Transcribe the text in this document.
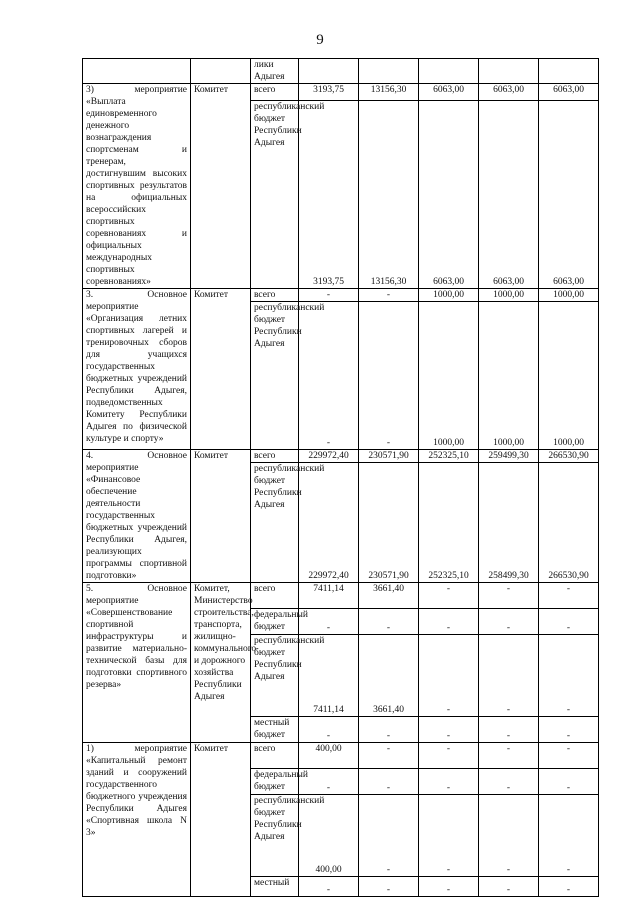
9
		лики Адыгея					
3) мероприятие «Выплата единовременного денежного вознаграждения спортсменам и тренерам, достигнувшим высоких спортивных результатов на официальных всероссийских спортивных соревнованиях и официальных международных спортивных соревнованиях»	Комитет	всего	3193,75	13156,30	6063,00	6063,00	6063,00
		республиканский бюджет Республики Адыгея	3193,75	13156,30	6063,00	6063,00	6063,00
3. Основное мероприятие «Организация летних спортивных лагерей и тренировочных сборов для учащихся государственных бюджетных учреждений Республики Адыгея, подведомственных Комитету Республики Адыгея по физической культуре и спорту»	Комитет	всего	-	-	1000,00	1000,00	1000,00
		республиканский бюджет Республики Адыгея	-	-	1000,00	1000,00	1000,00
4. Основное мероприятие «Финансовое обеспечение деятельности государственных бюджетных учреждений Республики Адыгея, реализующих программы спортивной подготовки»	Комитет	всего	229972,40	230571,90	252325,10	259499,30	266530,90
		республиканский бюджет Республики Адыгея	229972,40	230571,90	252325,10	258499,30	266530,90
5. Основное мероприятие «Совершенствование спортивной инфраструктуры и развитие материально-технической базы для подготовки спортивного резерва»	Комитет, Министерство строительства, транспорта, жилищно-коммунального и дорожного хозяйства Республики Адыгея	всего	7411,14	3661,40	-	-	-
		федеральный бюджет	-	-	-	-	-
		республиканский бюджет Республики Адыгея	7411,14	3661,40	-	-	-
		местный бюджет	-	-	-	-	-
1) мероприятие «Капитальный ремонт зданий и сооружений государственного бюджетного учреждения Республики Адыгея «Спортивная школа N 3»	Комитет	всего	400,00	-	-	-	-
		федеральный бюджет	-	-	-	-	-
		республиканский бюджет Республики Адыгея	400,00	-	-	-	-
		местный	-	-	-	-	-
